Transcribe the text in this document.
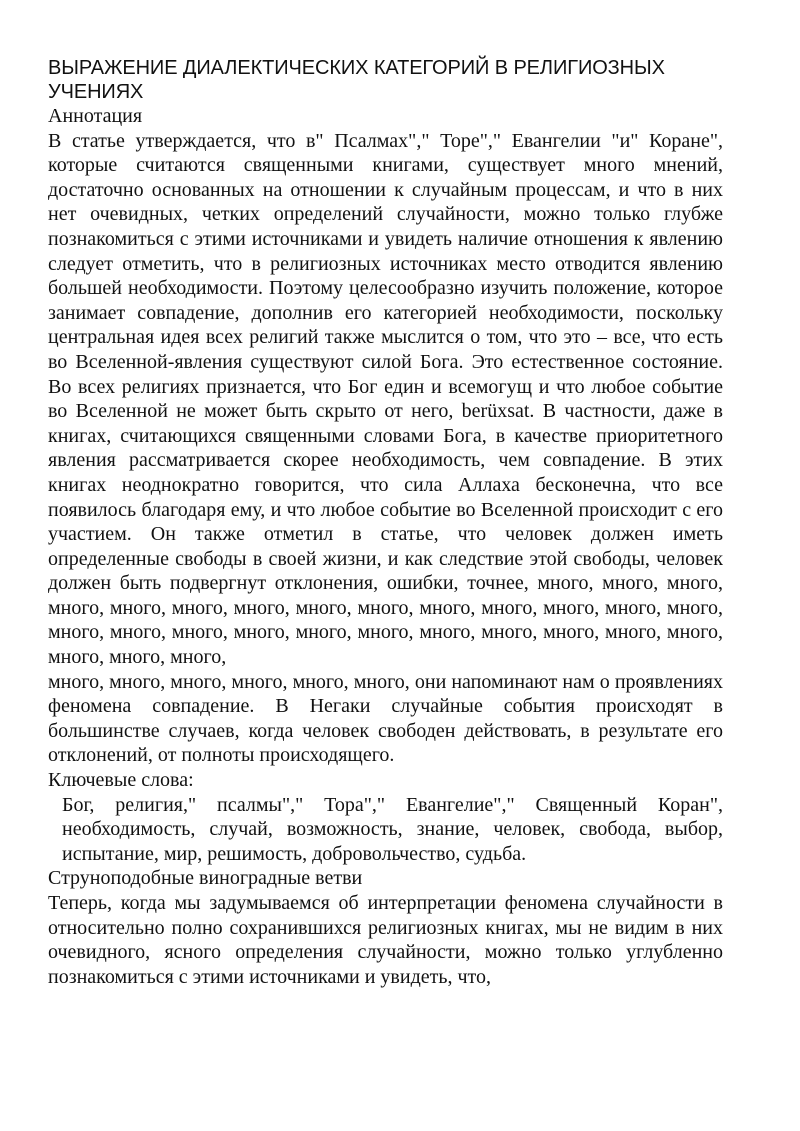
ВЫРАЖЕНИЕ ДИАЛЕКТИЧЕСКИХ КАТЕГОРИЙ В РЕЛИГИОЗНЫХ УЧЕНИЯХ

Аннотация

В статье утверждается, что в" Псалмах"," Торе"," Евангелии "и" Коране", которые считаются священными книгами, существует много мнений, достаточно основанных на отношении к случайным процессам, и что в них нет очевидных, четких определений случайности, можно только глубже познакомиться с этими источниками и увидеть наличие отношения к явлению следует отметить, что в религиозных источниках место отводится явлению большей необходимости. Поэтому целесообразно изучить положение, которое занимает совпадение, дополнив его категорией необходимости, поскольку центральная идея всех религий также мыслится о том, что это – все, что есть во Вселенной-явления существуют силой Бога. Это естественное состояние. Во всех религиях признается, что Бог един и всемогущ и что любое событие во Вселенной не может быть скрыто от него, berüxsat. В частности, даже в книгах, считающихся священными словами Бога, в качестве приоритетного явления рассматривается скорее необходимость, чем совпадение. В этих книгах неоднократно говорится, что сила Аллаха бесконечна, что все появилось благодаря ему, и что любое событие во Вселенной происходит с его участием. Он также отметил в статье, что человек должен иметь определенные свободы в своей жизни, и как следствие этой свободы, человек должен быть подвергнут отклонения, ошибки, точнее, много, много, много, много, много, много, много, много, много, много, много, много, много, много, много, много, много, много, много, много, много, много, много, много, много, много, много, много,

много, много, много, много, много, много, они напоминают нам о проявлениях феномена совпадение. В Негаки случайные события происходят в большинстве случаев, когда человек свободен действовать, в результате его отклонений, от полноты происходящего.

Ключевые слова:

Бог, религия," псалмы"," Тора"," Евангелие"," Священный Коран", необходимость, случай, возможность, знание, человек, свобода, выбор, испытание, мир, решимость, добровольчество, судьба.

Струноподобные виноградные ветви

Теперь, когда мы задумываемся об интерпретации феномена случайности в относительно полно сохранившихся религиозных книгах, мы не видим в них очевидного, ясного определения случайности, можно только углубленно познакомиться с этими источниками и увидеть, что,
